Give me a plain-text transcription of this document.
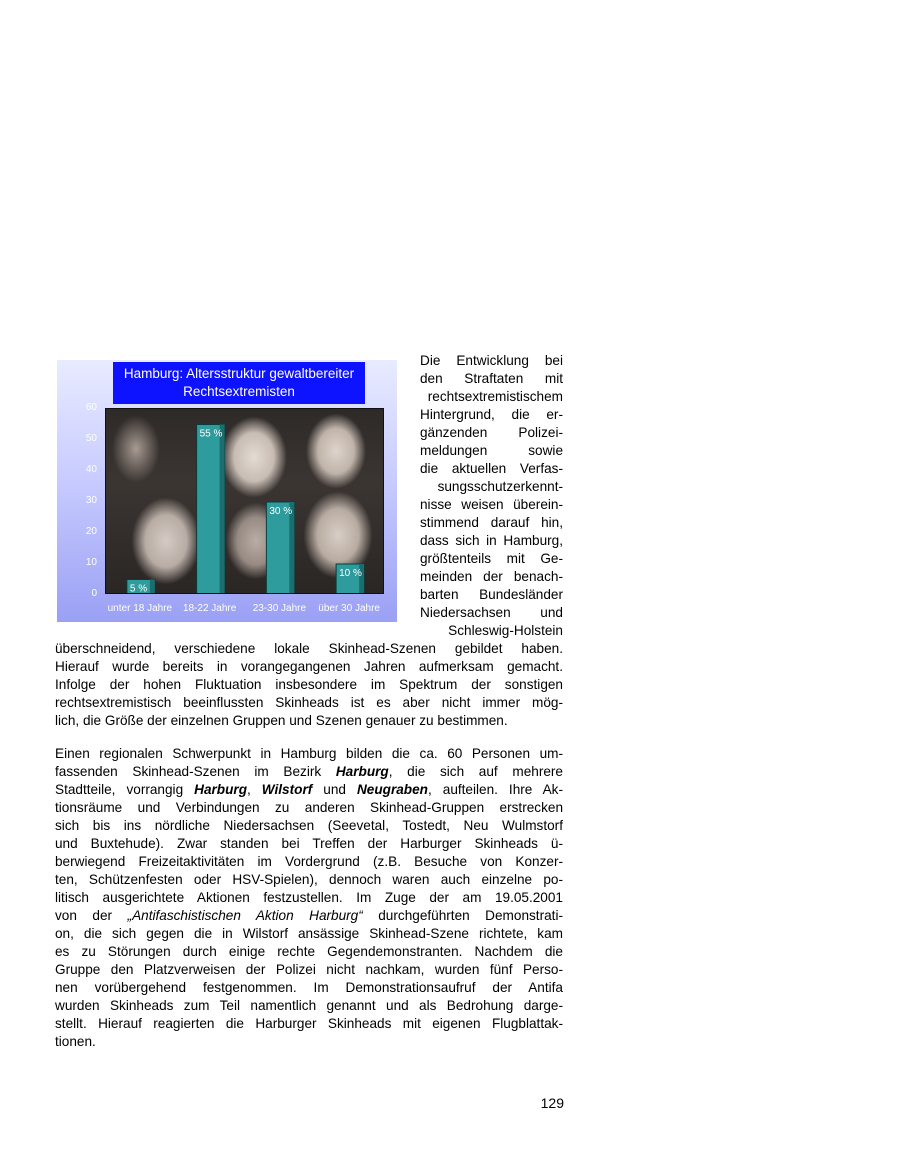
Hamburg: Altersstruktur gewaltbereiter Rechtsextremisten
0
10
20
30
40
50
60
5 %
55 %
30 %
10 %
unter 18 Jahre	18-22 Jahre	23-30 Jahre	über 30 Jahre
Die Entwicklung bei
den Straftaten mit
rechtsextremistischem
Hintergrund, die er-
gänzenden Polizei-
meldungen sowie
die aktuellen Verfas-
sungsschutzerkennt-
nisse weisen überein-
stimmend darauf hin,
dass sich in Hamburg,
größtenteils mit Ge-
meinden der benach-
barten Bundesländer
Niedersachsen und
Schleswig-Holstein
überschneidend, verschiedene lokale Skinhead-Szenen gebildet haben.
Hierauf wurde bereits in vorangegangenen Jahren aufmerksam gemacht.
Infolge der hohen Fluktuation insbesondere im Spektrum der sonstigen
rechtsextremistisch beeinflussten Skinheads ist es aber nicht immer mög-
lich, die Größe der einzelnen Gruppen und Szenen genauer zu bestimmen.
Einen regionalen Schwerpunkt in Hamburg bilden die ca. 60 Personen um-
fassenden Skinhead-Szenen im Bezirk Harburg, die sich auf mehrere
Stadtteile, vorrangig Harburg, Wilstorf und Neugraben, aufteilen. Ihre Ak-
tionsräume und Verbindungen zu anderen Skinhead-Gruppen erstrecken
sich bis ins nördliche Niedersachsen (Seevetal, Tostedt, Neu Wulmstorf
und Buxtehude). Zwar standen bei Treffen der Harburger Skinheads ü-
berwiegend Freizeitaktivitäten im Vordergrund (z.B. Besuche von Konzer-
ten, Schützenfesten oder HSV-Spielen), dennoch waren auch einzelne po-
litisch ausgerichtete Aktionen festzustellen. Im Zuge der am 19.05.2001
von der „Antifaschistischen Aktion Harburg“ durchgeführten Demonstrati-
on, die sich gegen die in Wilstorf ansässige Skinhead-Szene richtete, kam
es zu Störungen durch einige rechte Gegendemonstranten. Nachdem die
Gruppe den Platzverweisen der Polizei nicht nachkam, wurden fünf Perso-
nen vorübergehend festgenommen. Im Demonstrationsaufruf der Antifa
wurden Skinheads zum Teil namentlich genannt und als Bedrohung darge-
stellt. Hierauf reagierten die Harburger Skinheads mit eigenen Flugblattak-
tionen.
129
